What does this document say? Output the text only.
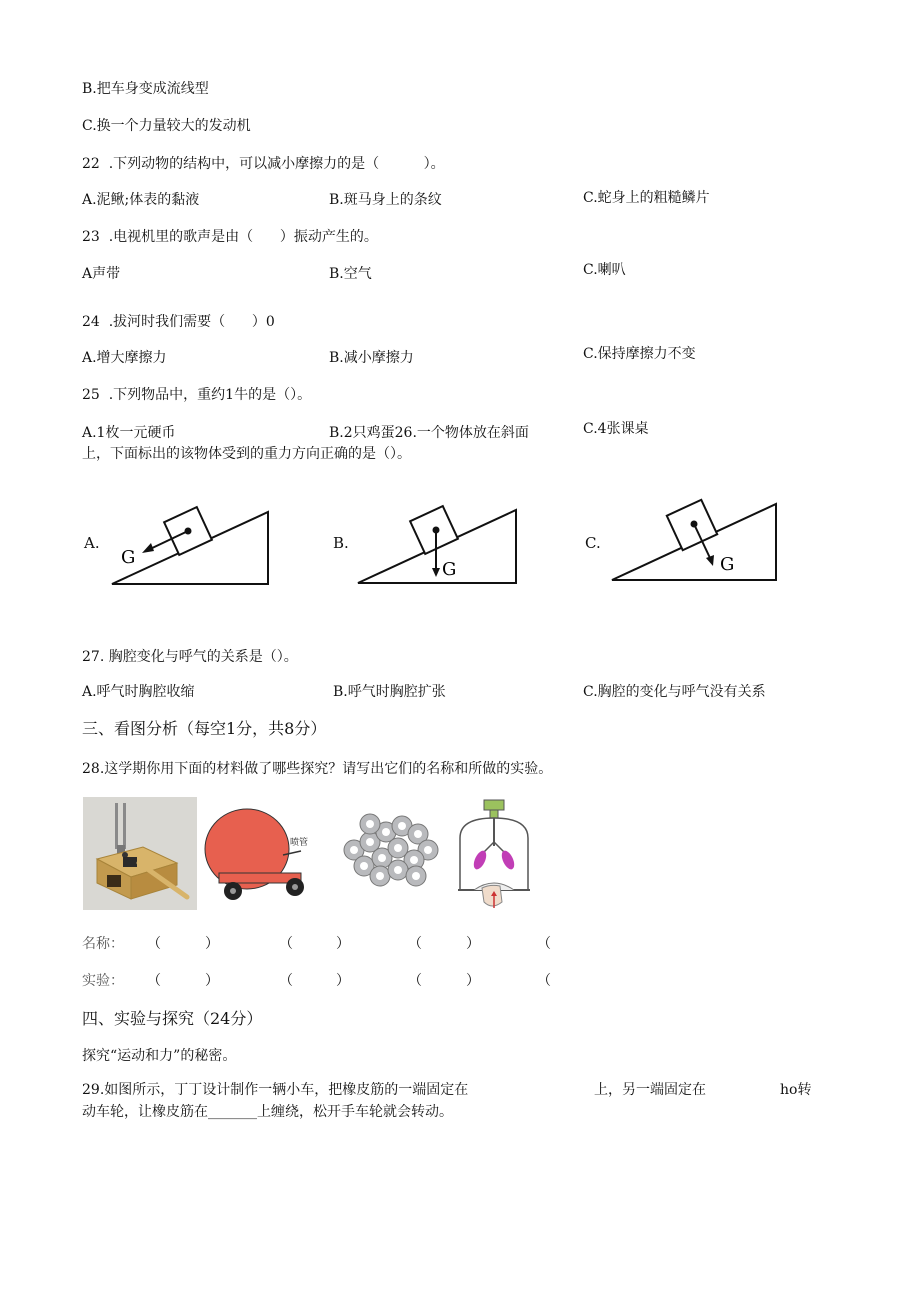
B.把车身变成流线型
C.换一个力量较大的发动机
22  .下列动物的结构中，可以减小摩擦力的是（          ）。
A.泥鳅;体表的黏液	B.斑马身上的条纹	C.蛇身上的粗糙鳞片
23  .电视机里的歌声是由（      ）振动产生的。
A声带	B.空气	C.喇叭
24  .拔河时我们需要（      ）0
A.增大摩擦力	B.减小摩擦力	C.保持摩擦力不变
25  .下列物品中，重约1牛的是（）。
A.1枚一元硬币	B.2只鸡蛋26.一个物体放在斜面	C.4张课桌
上，下面标出的该物体受到的重力方向正确的是（）。
A.
G
B.
G
C.
G
27. 胸腔变化与呼气的关系是（）。
A.呼气时胸腔收缩	B.呼气时胸腔扩张	C.胸腔的变化与呼气没有关系
三、看图分析（每空1分，共8分）
28.这学期你用下面的材料做了哪些探究？请写出它们的名称和所做的实验。
喷管
名称： （	）	（	）	（	）	（
实验： （	）	（	）	（	）	（
四、实验与探究（24分）
探究“运动和力”的秘密。
29.如图所示，丁丁设计制作一辆小车，把橡皮筋的一端固定在	上，另一端固定在	ho转
动车轮，让橡皮筋在_______上缠绕，松开手车轮就会转动。
